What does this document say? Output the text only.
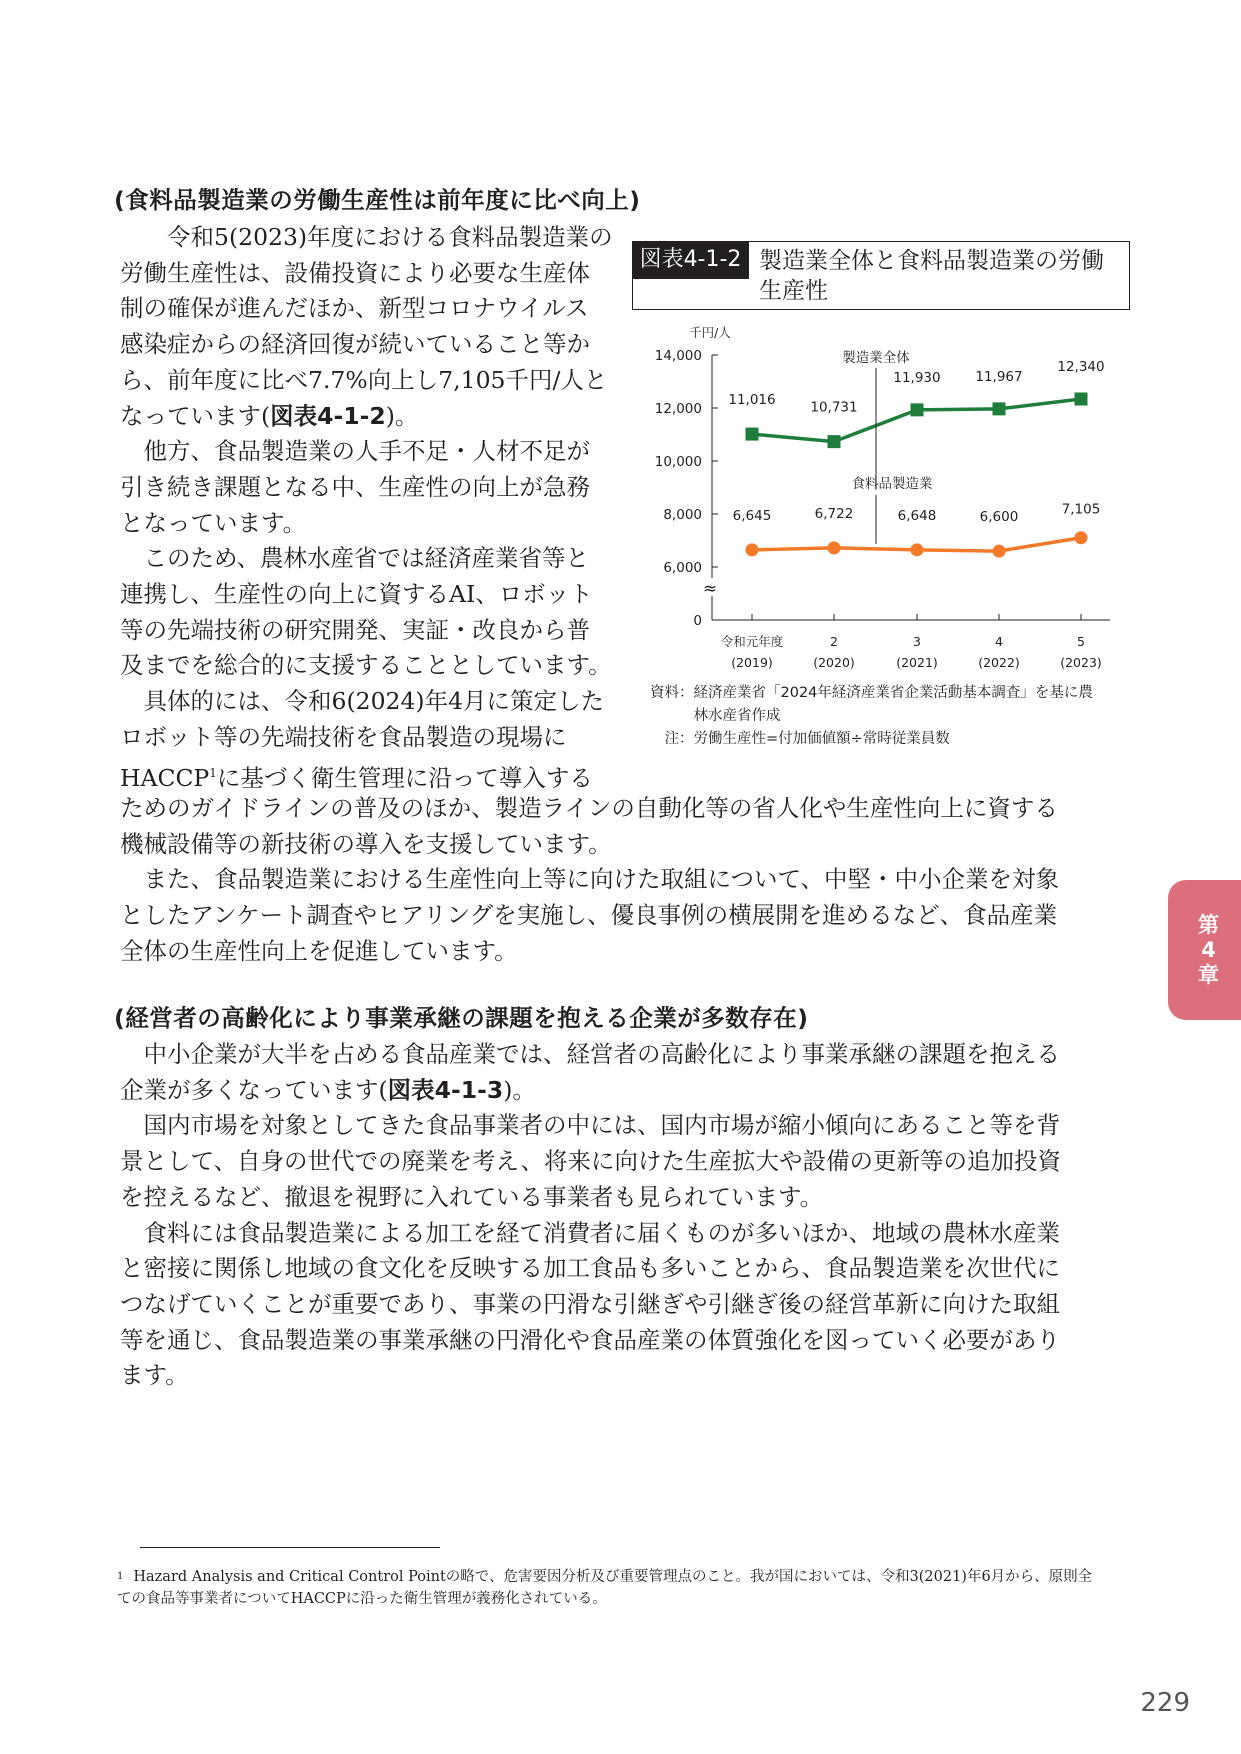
(食料品製造業の労働生産性は前年度に比べ向上)

令和5(2023)年度における食料品製造業の
労働生産性は、設備投資により必要な生産体
制の確保が進んだほか、新型コロナウイルス
感染症からの経済回復が続いていること等か
ら、前年度に比べ7.7%向上し7,105千円/人と
なっています(図表4-1-2)。

他方、食品製造業の人手不足・人材不足が
引き続き課題となる中、生産性の向上が急務
となっています。

このため、農林水産省では経済産業省等と
連携し、生産性の向上に資するAI、ロボット
等の先端技術の研究開発、実証・改良から普
及までを総合的に支援することとしています。

具体的には、令和6(2024)年4月に策定した
ロボット等の先端技術を食品製造の現場に
HACCP$^1$に基づく衛生管理に沿って導入する

ためのガイドラインの普及のほか、製造ラインの自動化等の省人化や生産性向上に資する
機械設備等の新技術の導入を支援しています。

また、食品製造業における生産性向上等に向けた取組について、中堅・中小企業を対象
としたアンケート調査やヒアリングを実施し、優良事例の横展開を進めるなど、食品産業
全体の生産性向上を促進しています。

図表4-1-2 製造業全体と食料品製造業の労働
生産性
≈
0
6,000
8,000
10,000
12,000
14,000
千円/人
令和元年度
(2019)
2
(2020)
3
(2021)
4
(2022)
5
(2023)
11,016	10,731
11,930	11,967
12,340
6,645	6,722	6,648	6,600	7,105
製造業全体
食料品製造業

資料：経済産業省「2024年経済産業省企業活動基本調査」を基に農
林水産省作成

注：労働生産性=付加価値額÷常時従業員数

(経営者の高齢化により事業承継の課題を抱える企業が多数存在)

中小企業が大半を占める食品産業では、経営者の高齢化により事業承継の課題を抱える
企業が多くなっています(図表4-1-3)。

国内市場を対象としてきた食品事業者の中には、国内市場が縮小傾向にあること等を背
景として、自身の世代での廃業を考え、将来に向けた生産拡大や設備の更新等の追加投資
を控えるなど、撤退を視野に入れている事業者も見られています。

食料には食品製造業による加工を経て消費者に届くものが多いほか、地域の農林水産業
と密接に関係し地域の食文化を反映する加工食品も多いことから、食品製造業を次世代に
つなげていくことが重要であり、事業の円滑な引継ぎや引継ぎ後の経営革新に向けた取組
等を通じ、食品製造業の事業承継の円滑化や食品産業の体質強化を図っていく必要があり
ます。

第
4
章
$^1$ Hazard Analysis and Critical Control Pointの略で、危害要因分析及び重要管理点のこと。我が国においては、令和3(2021)年6月から、原則全ての食品等事業者についてHACCPに沿った衛生管理が義務化されている。
229
